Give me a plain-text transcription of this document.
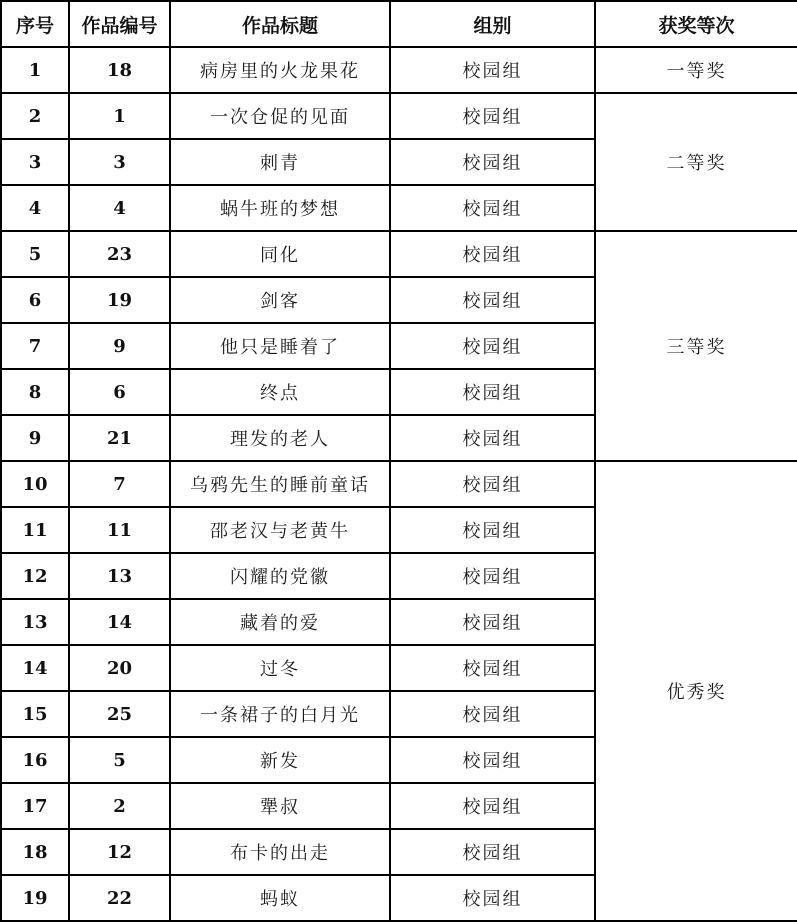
序号	作品编号	作品标题	组别	获奖等次
1	18	病房里的火龙果花	校园组	一等奖
2	1	一次仓促的见面	校园组	二等奖
3	3	刺青	校园组	
4	4	蜗牛班的梦想	校园组	
5	23	同化	校园组	三等奖
6	19	剑客	校园组	
7	9	他只是睡着了	校园组	
8	6	终点	校园组	
9	21	理发的老人	校园组	
10	7	乌鸦先生的睡前童话	校园组	优秀奖
11	11	邵老汉与老黄牛	校园组	
12	13	闪耀的党徽	校园组	
13	14	藏着的爱	校园组	
14	20	过冬	校园组	
15	25	一条裙子的白月光	校园组	
16	5	新发	校园组	
17	2	犟叔	校园组	
18	12	布卡的出走	校园组	
19	22	蚂蚁	校园组	
